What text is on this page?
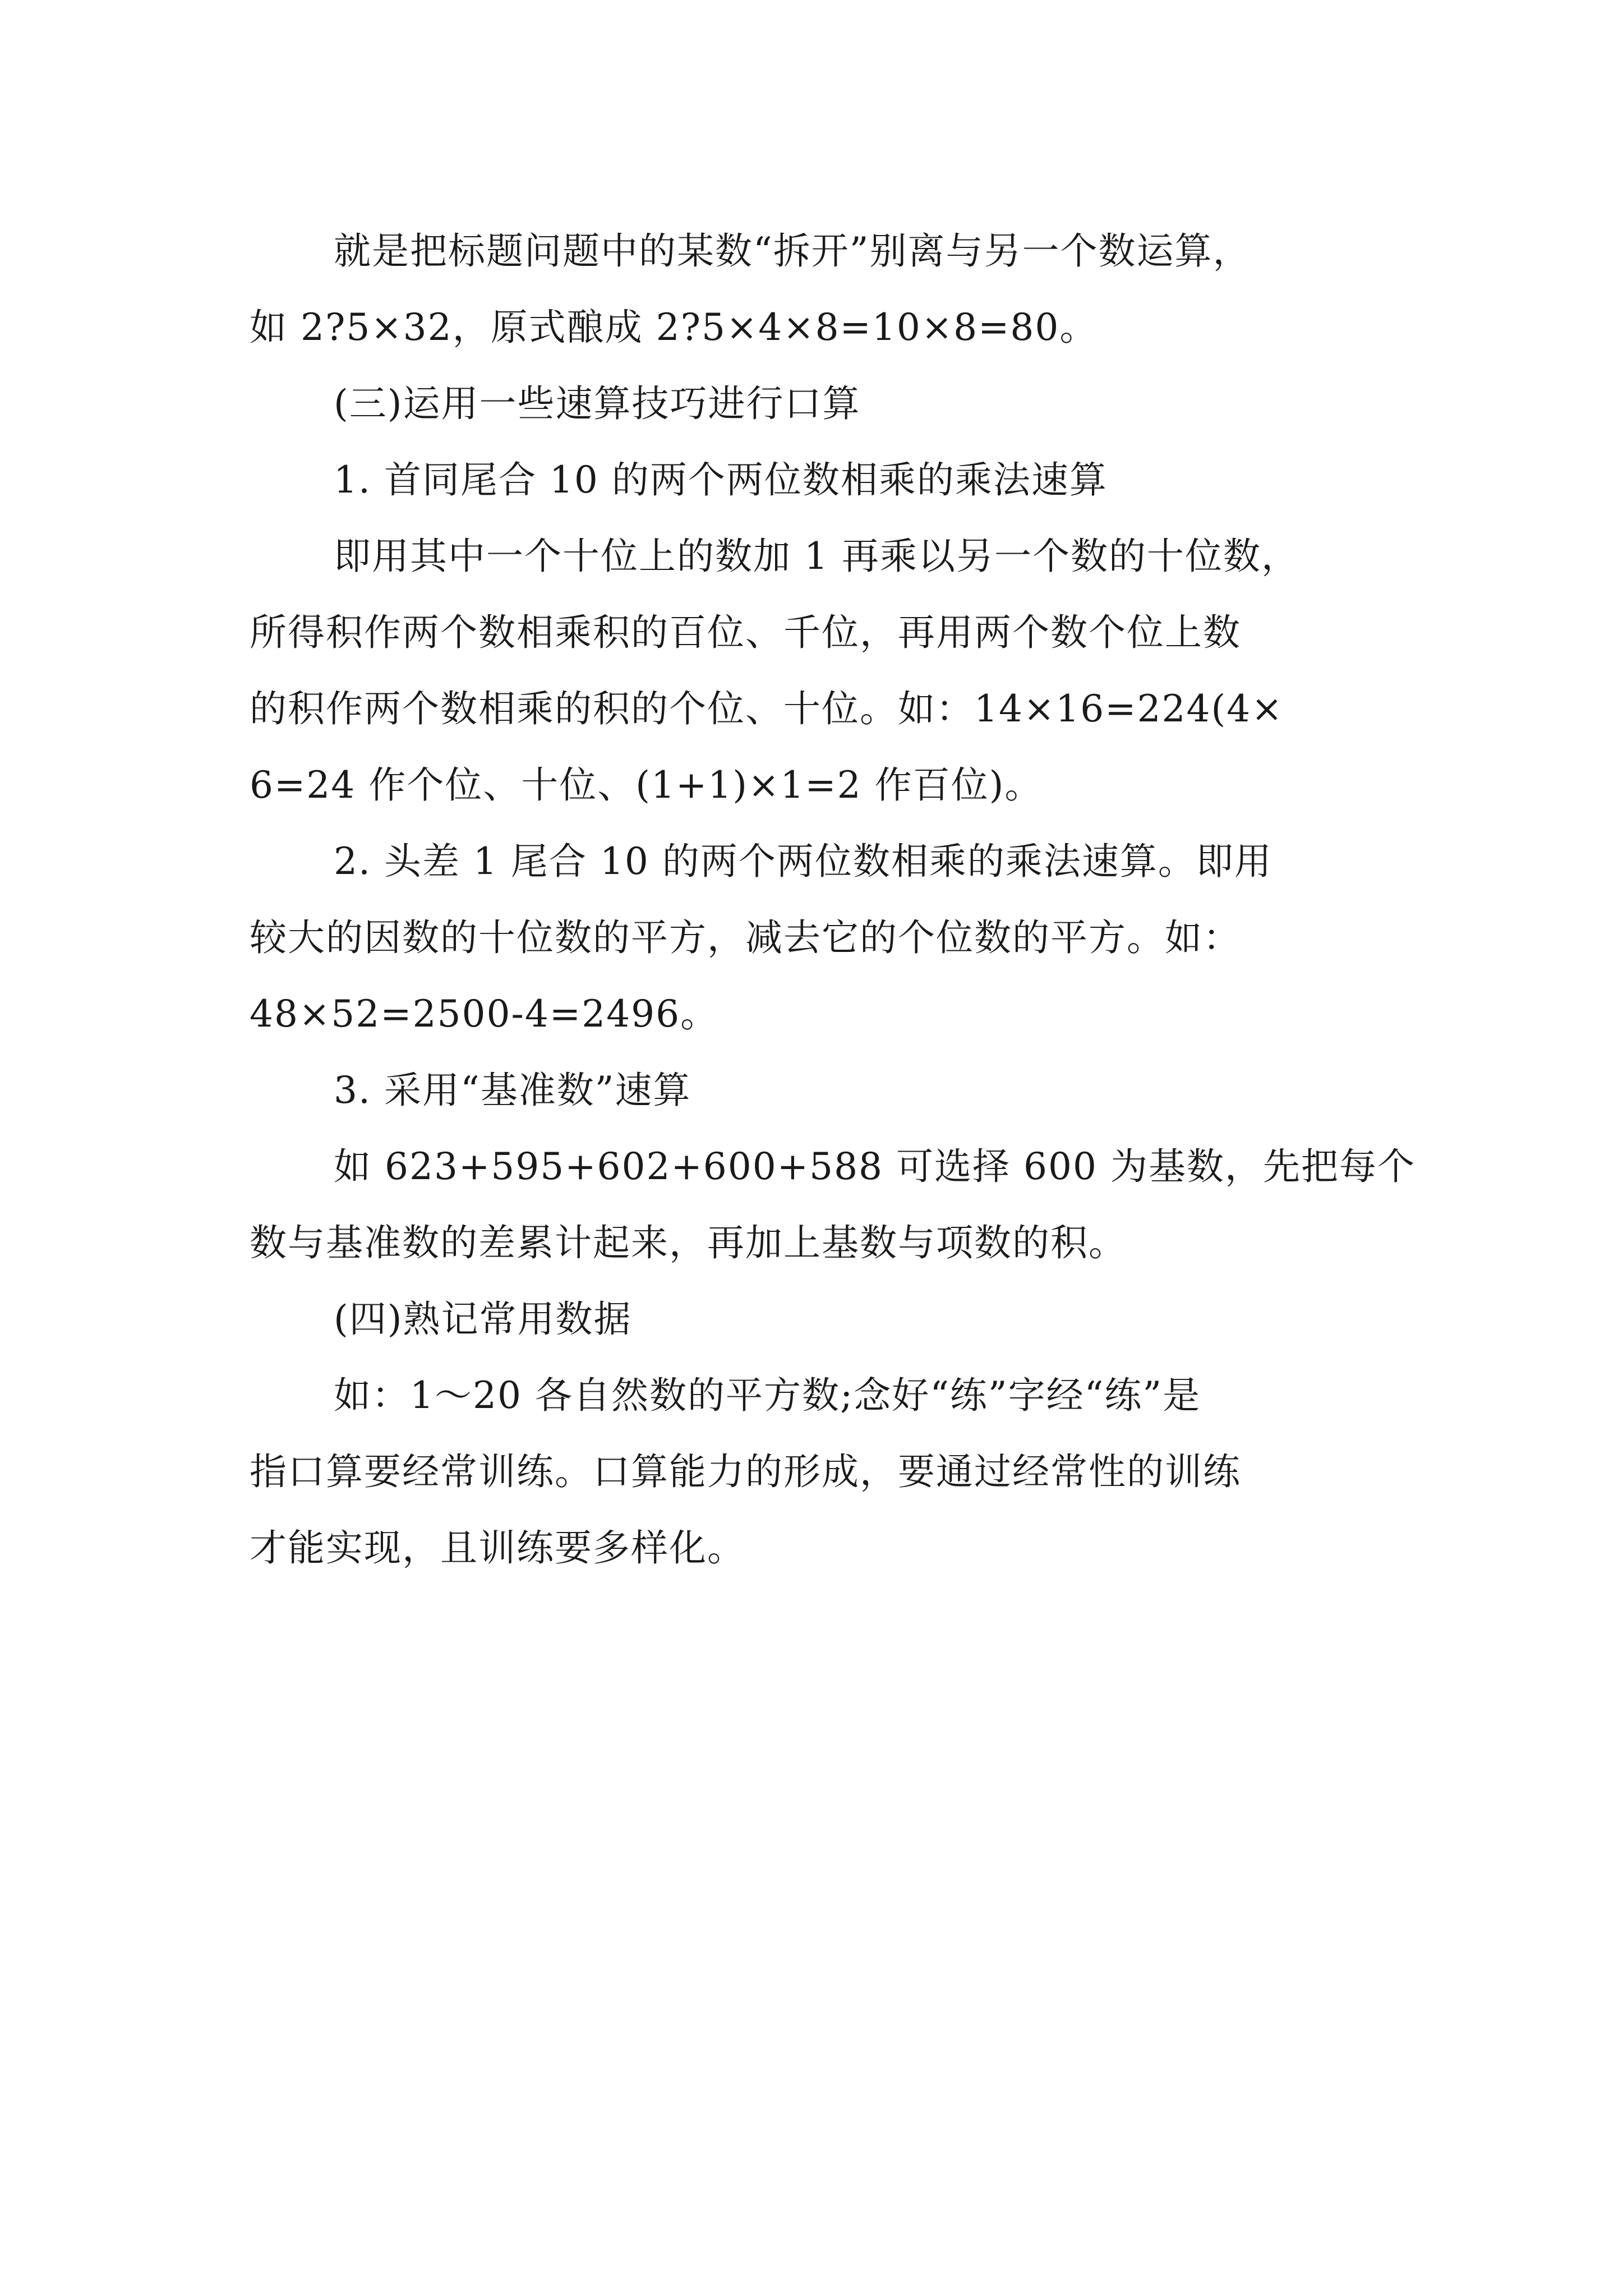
就是把标题问题中的某数“拆开”别离与另一个数运算，
如 2?5×32，原式酿成 2?5×4×8=10×8=80。
(三)运用一些速算技巧进行口算
1. 首同尾合 10 的两个两位数相乘的乘法速算
即用其中一个十位上的数加 1 再乘以另一个数的十位数，
所得积作两个数相乘积的百位、千位，再用两个数个位上数
的积作两个数相乘的积的个位、十位。如：14×16=224(4×
6=24 作个位、十位、(1+1)×1=2 作百位)。
2. 头差 1 尾合 10 的两个两位数相乘的乘法速算。即用
较大的因数的十位数的平方，减去它的个位数的平方。如：
48×52=2500-4=2496。
3. 采用“基准数”速算
如 623+595+602+600+588 可选择 600 为基数，先把每个
数与基准数的差累计起来，再加上基数与项数的积。
(四)熟记常用数据
如：1～20 各自然数的平方数;念好“练”字经“练”是
指口算要经常训练。口算能力的形成，要通过经常性的训练
才能实现，且训练要多样化。
